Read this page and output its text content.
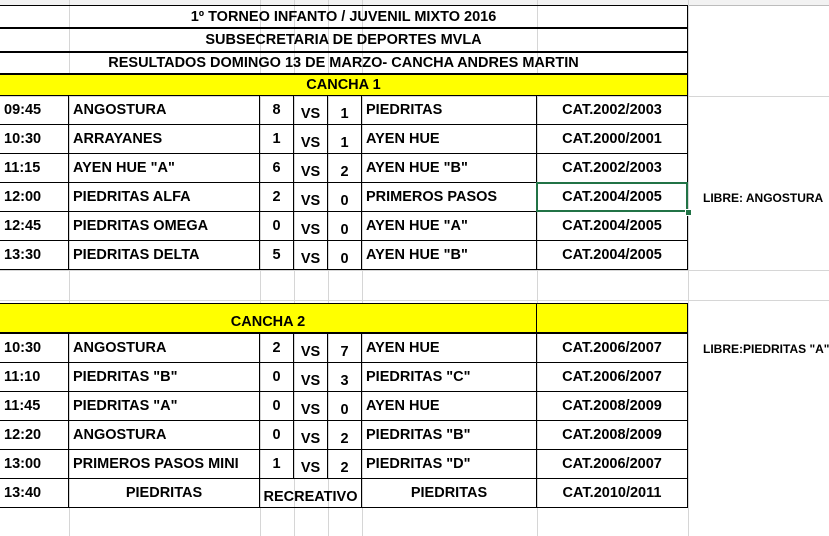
1º TORNEO INFANTO / JUVENIL MIXTO 2016
SUBSECRETARIA DE DEPORTES MVLA
RESULTADOS DOMINGO 13 DE MARZO- CANCHA ANDRES MARTIN
CANCHA 1
09:45 ANGOSTURA	8 VS 1 PIEDRITAS	CAT.2002/2003
10:30 ARRAYANES	1 VS 1 AYEN HUE	CAT.2000/2001
11:15 AYEN HUE "A"	6 VS 2 AYEN HUE "B"	CAT.2002/2003
12:00 PIEDRITAS ALFA	2 VS 0 PRIMEROS PASOS	CAT.2004/2005
12:45 PIEDRITAS OMEGA	0 VS 0 AYEN HUE "A"	CAT.2004/2005
13:30 PIEDRITAS DELTA	5 VS 0 AYEN HUE "B"	CAT.2004/2005
LIBRE: ANGOSTURA
CANCHA 2
10:30 ANGOSTURA	2 VS 7 AYEN HUE	CAT.2006/2007
11:10 PIEDRITAS "B"	0 VS 3 PIEDRITAS "C"	CAT.2006/2007
11:45 PIEDRITAS "A"	0 VS 0 AYEN HUE	CAT.2008/2009
12:20 ANGOSTURA	0 VS 2 PIEDRITAS "B"	CAT.2008/2009
13:00 PRIMEROS PASOS MINI 1 VS 2 PIEDRITAS "D"	CAT.2006/2007
LIBRE:PIEDRITAS "A"
13:40	PIEDRITAS	RECREATIVO	PIEDRITAS	CAT.2010/2011
